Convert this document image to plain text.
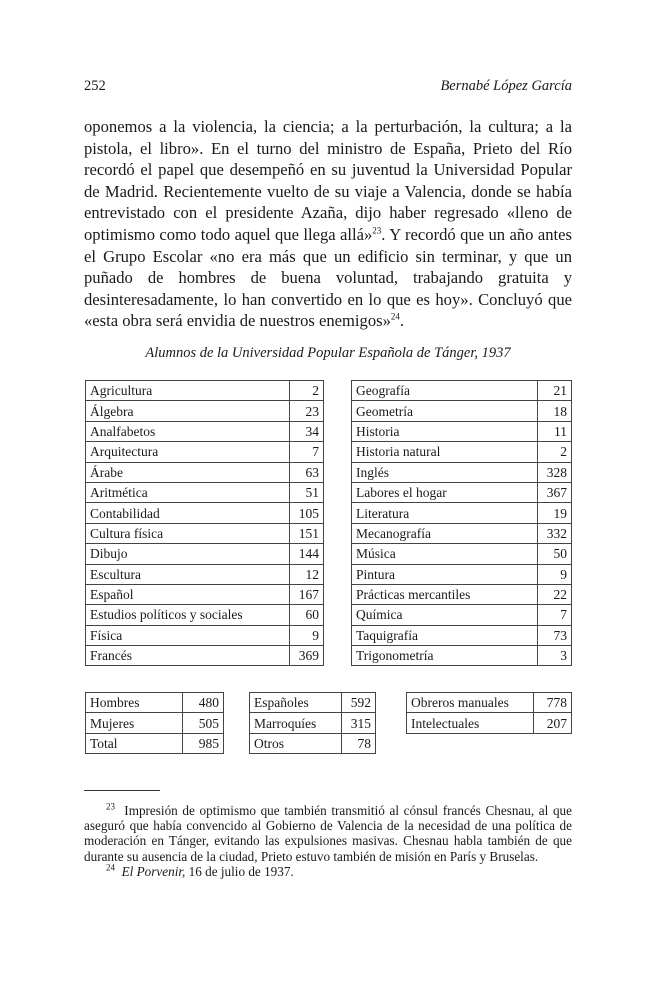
252	Bernabé López García

oponemos a la violencia, la ciencia; a la perturbación, la cultura; a la pistola, el libro». En el turno del ministro de España, Prieto del Río recordó el papel que desempeñó en su juventud la Universidad Popular de Madrid. Recientemente vuelto de su viaje a Valencia, donde se había entrevistado con el presidente Azaña, dijo haber regresado «lleno de optimismo como todo aquel que llega allá»$^{23}$. Y recordó que un año antes el Grupo Escolar «no era más que un edificio sin terminar, y que un puñado de hombres de buena voluntad, trabajando gratuita y desinteresadamente, lo han convertido en lo que es hoy». Concluyó que «esta obra será envidia de nuestros enemigos»$^{24}$.

Alumnos de la Universidad Popular Española de Tánger, 1937
Agricultura	2
Álgebra	23
Analfabetos	34
Arquitectura	7
Árabe	63
Aritmética	51
Contabilidad	105
Cultura física	151
Dibujo	144
Escultura	12
Español	167
Estudios políticos y sociales	60
Física	9
Francés	369
Geografía	21
Geometría	18
Historia	11
Historia natural	2
Inglés	328
Labores el hogar	367
Literatura	19
Mecanografía	332
Música	50
Pintura	9
Prácticas mercantiles	22
Química	7
Taquigrafía	73
Trigonometría	3
Hombres	480
Mujeres	505
Total	985
Españoles	592
Marroquíes	315
Otros	78
Obreros manuales	778
Intelectuales	207

$^{23}$ Impresión de optimismo que también transmitió al cónsul francés Chesnau, al que aseguró que había convencido al Gobierno de Valencia de la necesidad de una política de moderación en Tánger, evitando las expulsiones masivas. Chesnau habla también de que durante su ausencia de la ciudad, Prieto estuvo también de misión en París y Bruselas.

$^{24}$ El Porvenir, 16 de julio de 1937.
